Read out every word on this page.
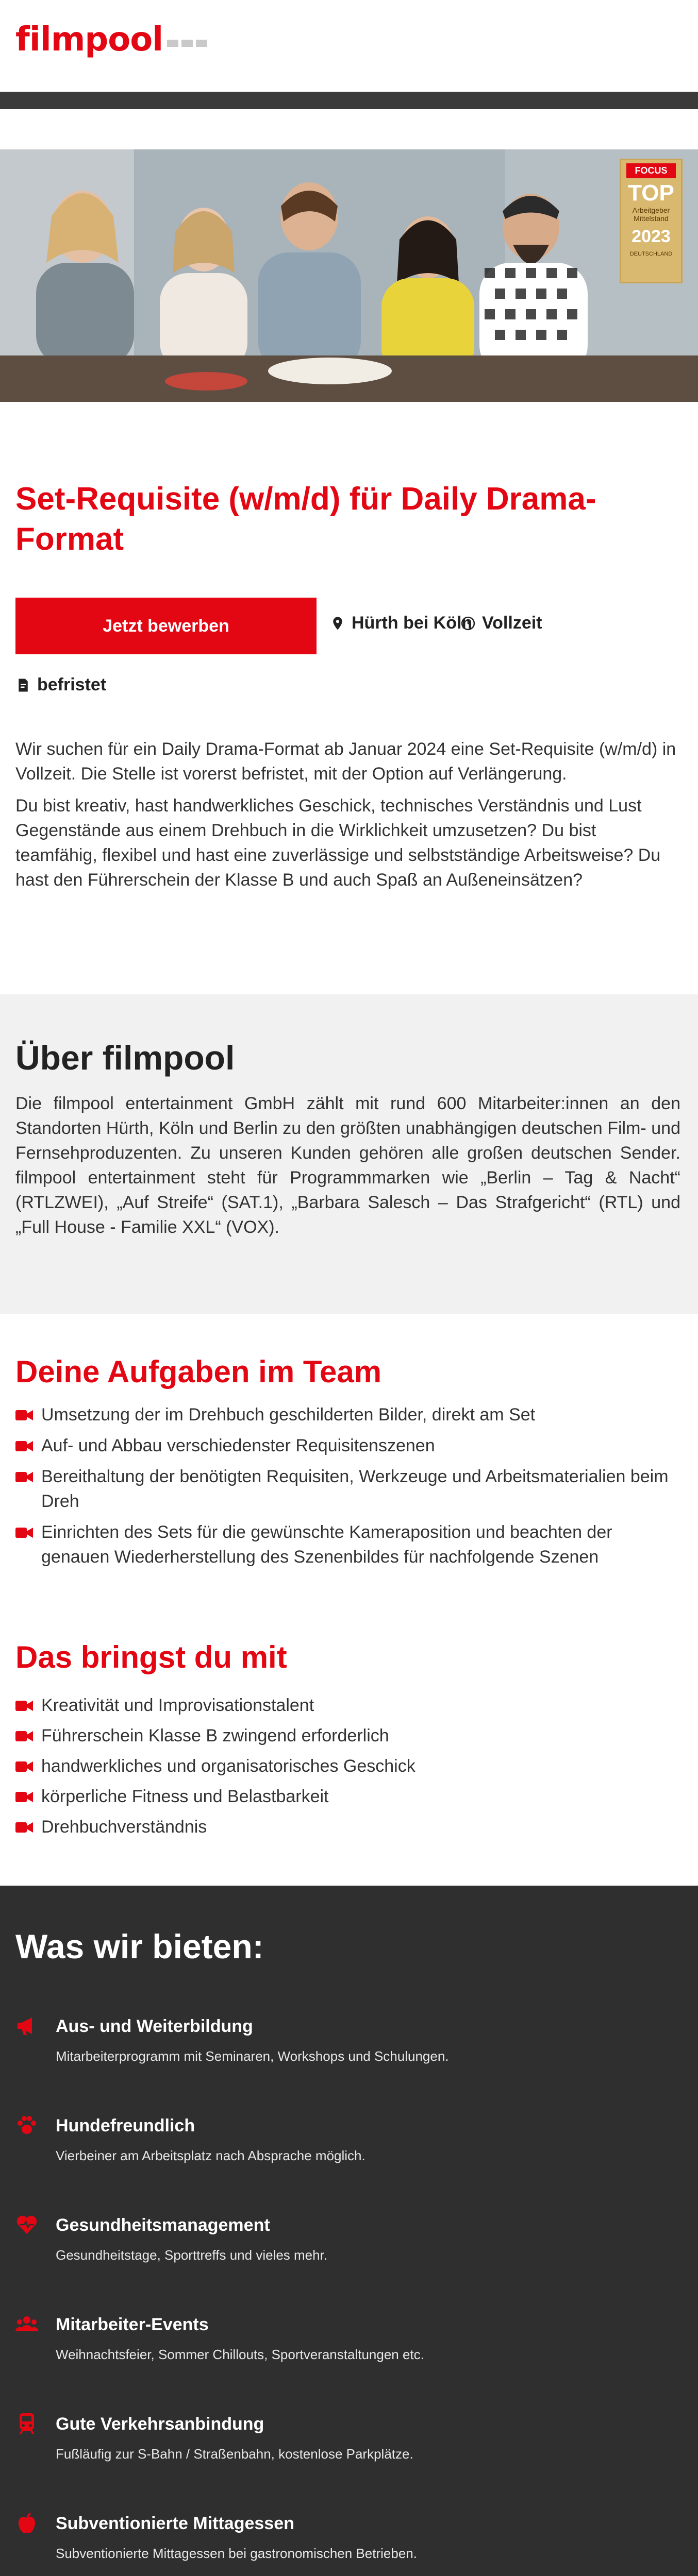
filmpool
FOCUS
TOP
Arbeitgeber Mittelstand
2023
DEUTSCHLAND
Set-Requisite (w/m/d) für Daily Drama-Format
Jetzt bewerben	Hürth bei Köln Vollzeit
befristet

Wir suchen für ein Daily Drama-Format ab Januar 2024 eine Set-Requisite (w/m/d) in Vollzeit. Die Stelle ist vorerst befristet, mit der Option auf Verlängerung.

Du bist kreativ, hast handwerkliches Geschick, technisches Verständnis und Lust Gegenstände aus einem Drehbuch in die Wirklichkeit umzusetzen? Du bist teamfähig, flexibel und hast eine zuverlässige und selbstständige Arbeitsweise? Du hast den Führerschein der Klasse B und auch Spaß an Außeneinsätzen?

Über filmpool

Die filmpool entertainment GmbH zählt mit rund 600 Mitarbeiter:innen an den Standorten Hürth, Köln und Berlin zu den größten unabhängigen deutschen Film- und Fernsehproduzenten. Zu unseren Kunden gehören alle großen deutschen Sender. filmpool entertainment steht für Programmmarken wie „Berlin – Tag & Nacht“ (RTLZWEI), „Auf Streife“ (SAT.1), „Barbara Salesch – Das Strafgericht“ (RTL) und „Full House - Familie XXL“ (VOX).

Deine Aufgaben im Team
Umsetzung der im Drehbuch geschilderten Bilder, direkt am Set
Auf- und Abbau verschiedenster Requisitenszenen
Bereithaltung der benötigten Requisiten, Werkzeuge und Arbeitsmaterialien beim Dreh
Einrichten des Sets für die gewünschte Kameraposition und beachten der genauen Wiederherstellung des Szenenbildes für nachfolgende Szenen
Das bringst du mit
Kreativität und Improvisationstalent
Führerschein Klasse B zwingend erforderlich
handwerkliches und organisatorisches Geschick
körperliche Fitness und Belastbarkeit
Drehbuchverständnis
Was wir bieten:
Aus- und Weiterbildung
Mitarbeiterprogramm mit Seminaren, Workshops und Schulungen.
Hundefreundlich
Vierbeiner am Arbeitsplatz nach Absprache möglich.
Gesundheitsmanagement
Gesundheitstage, Sporttreffs und vieles mehr.
Mitarbeiter-Events
Weihnachtsfeier, Sommer Chillouts, Sportveranstaltungen etc.
Gute Verkehrsanbindung
Fußläufig zur S-Bahn / Straßenbahn, kostenlose Parkplätze.
Subventionierte Mittagessen
Subventionierte Mittagessen bei gastronomischen Betrieben.
